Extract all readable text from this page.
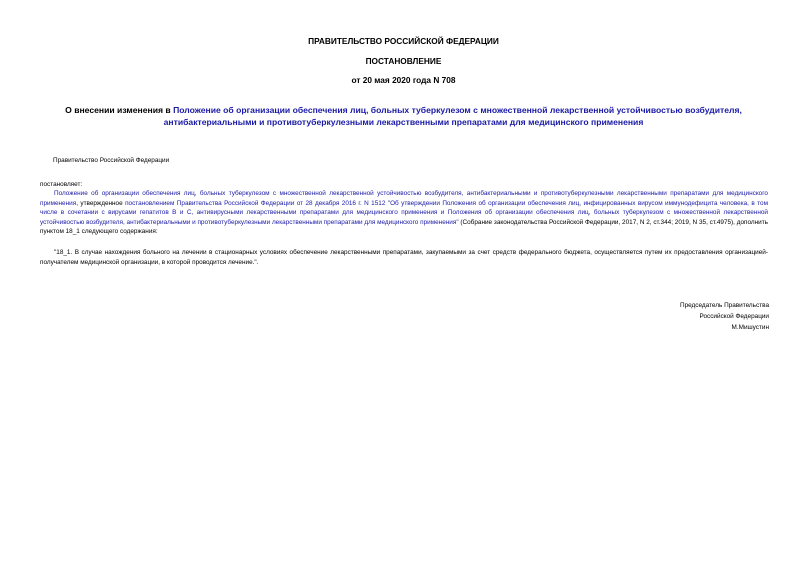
ПРАВИТЕЛЬСТВО РОССИЙСКОЙ ФЕДЕРАЦИИ
ПОСТАНОВЛЕНИЕ
от 20 мая 2020 года N 708
О внесении изменения в Положение об организации обеспечения лиц, больных туберкулезом с множественной лекарственной устойчивостью возбудителя, антибактериальными и противотуберкулезными лекарственными препаратами для медицинского применения
Правительство Российской Федерации
постановляет:
Положение об организации обеспечения лиц, больных туберкулезом с множественной лекарственной устойчивостью возбудителя, антибактериальными и противотуберкулезными лекарственными препаратами для медицинского применения, утвержденное постановлением Правительства Российской Федерации от 28 декабря 2016 г. N 1512 "Об утверждении Положения об организации обеспечения лиц, инфицированных вирусом иммунодефицита человека, в том числе в сочетании с вирусами гепатитов B и C, антивирусными лекарственными препаратами для медицинского применения и Положения об организации обеспечения лиц, больных туберкулезом с множественной лекарственной устойчивостью возбудителя, антибактериальными и противотуберкулезными лекарственными препаратами для медицинского применения" (Собрание законодательства Российской Федерации, 2017, N 2, ст.344; 2019, N 35, ст.4975), дополнить пунктом 18_1 следующего содержания:
"18_1. В случае нахождения больного на лечении в стационарных условиях обеспечение лекарственными препаратами, закупаемыми за счет средств федерального бюджета, осуществляется путем их предоставления организацией-получателем медицинской организации, в которой проводится лечение.".
Председатель Правительства
Российской Федерации
М.Мишустин
